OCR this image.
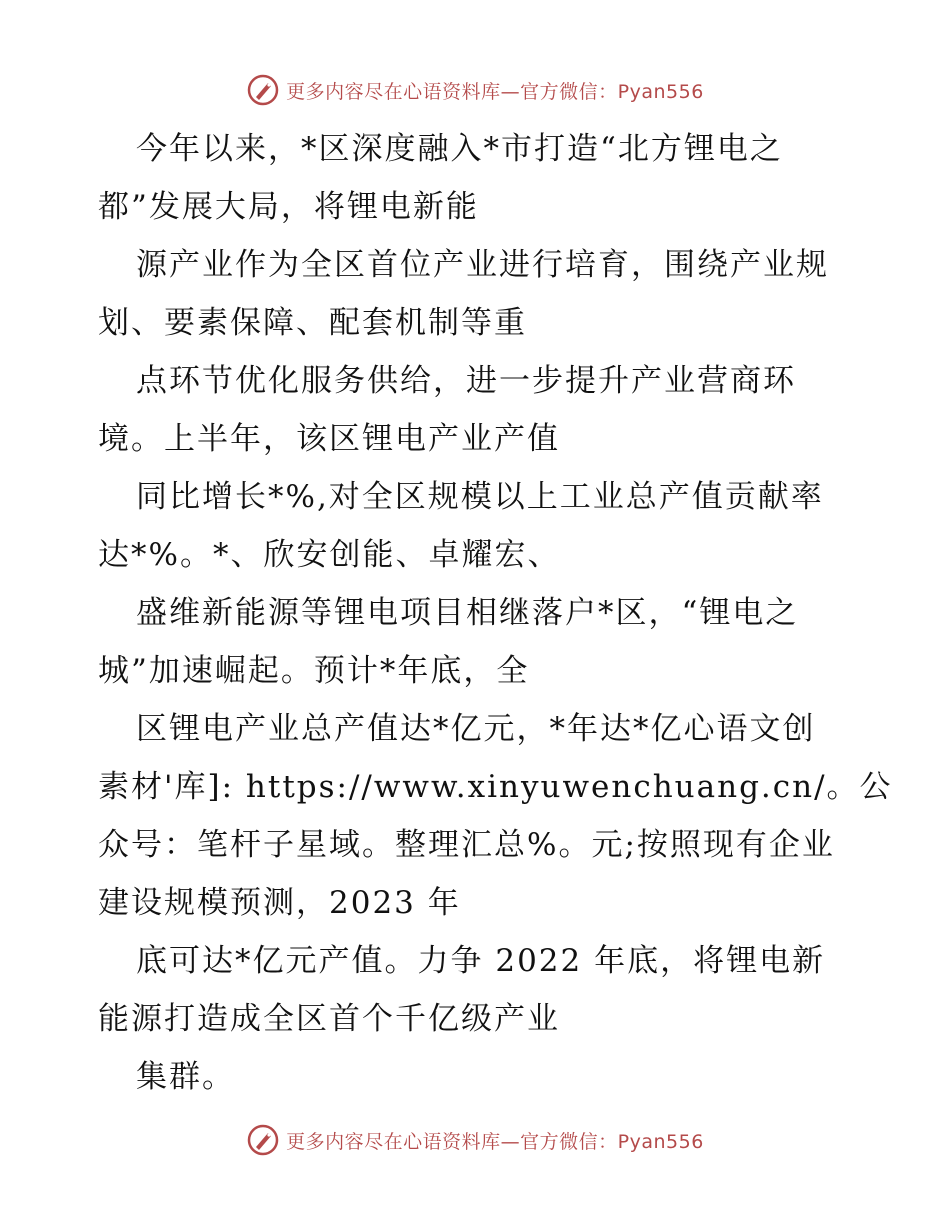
更多内容尽在心语资料库—官方微信：Pyan556
今年以来，*区深度融入*市打造“北方锂电之
都”发展大局，将锂电新能
源产业作为全区首位产业进行培育，围绕产业规
划、要素保障、配套机制等重
点环节优化服务供给，进一步提升产业营商环
境。上半年，该区锂电产业产值
同比增长*%,对全区规模以上工业总产值贡献率
达*%。*、欣安创能、卓耀宏、
盛维新能源等锂电项目相继落户*区，“锂电之
城”加速崛起。预计*年底，全
区锂电产业总产值达*亿元，*年达*亿心语文创
素材'库]: https://www.xinyuwenchuang.cn/。公
众号：笔杆子星域。整理汇总%。元;按照现有企业
建设规模预测，2023 年
底可达*亿元产值。力争 2022 年底，将锂电新
能源打造成全区首个千亿级产业
集群。
更多内容尽在心语资料库—官方微信：Pyan556
